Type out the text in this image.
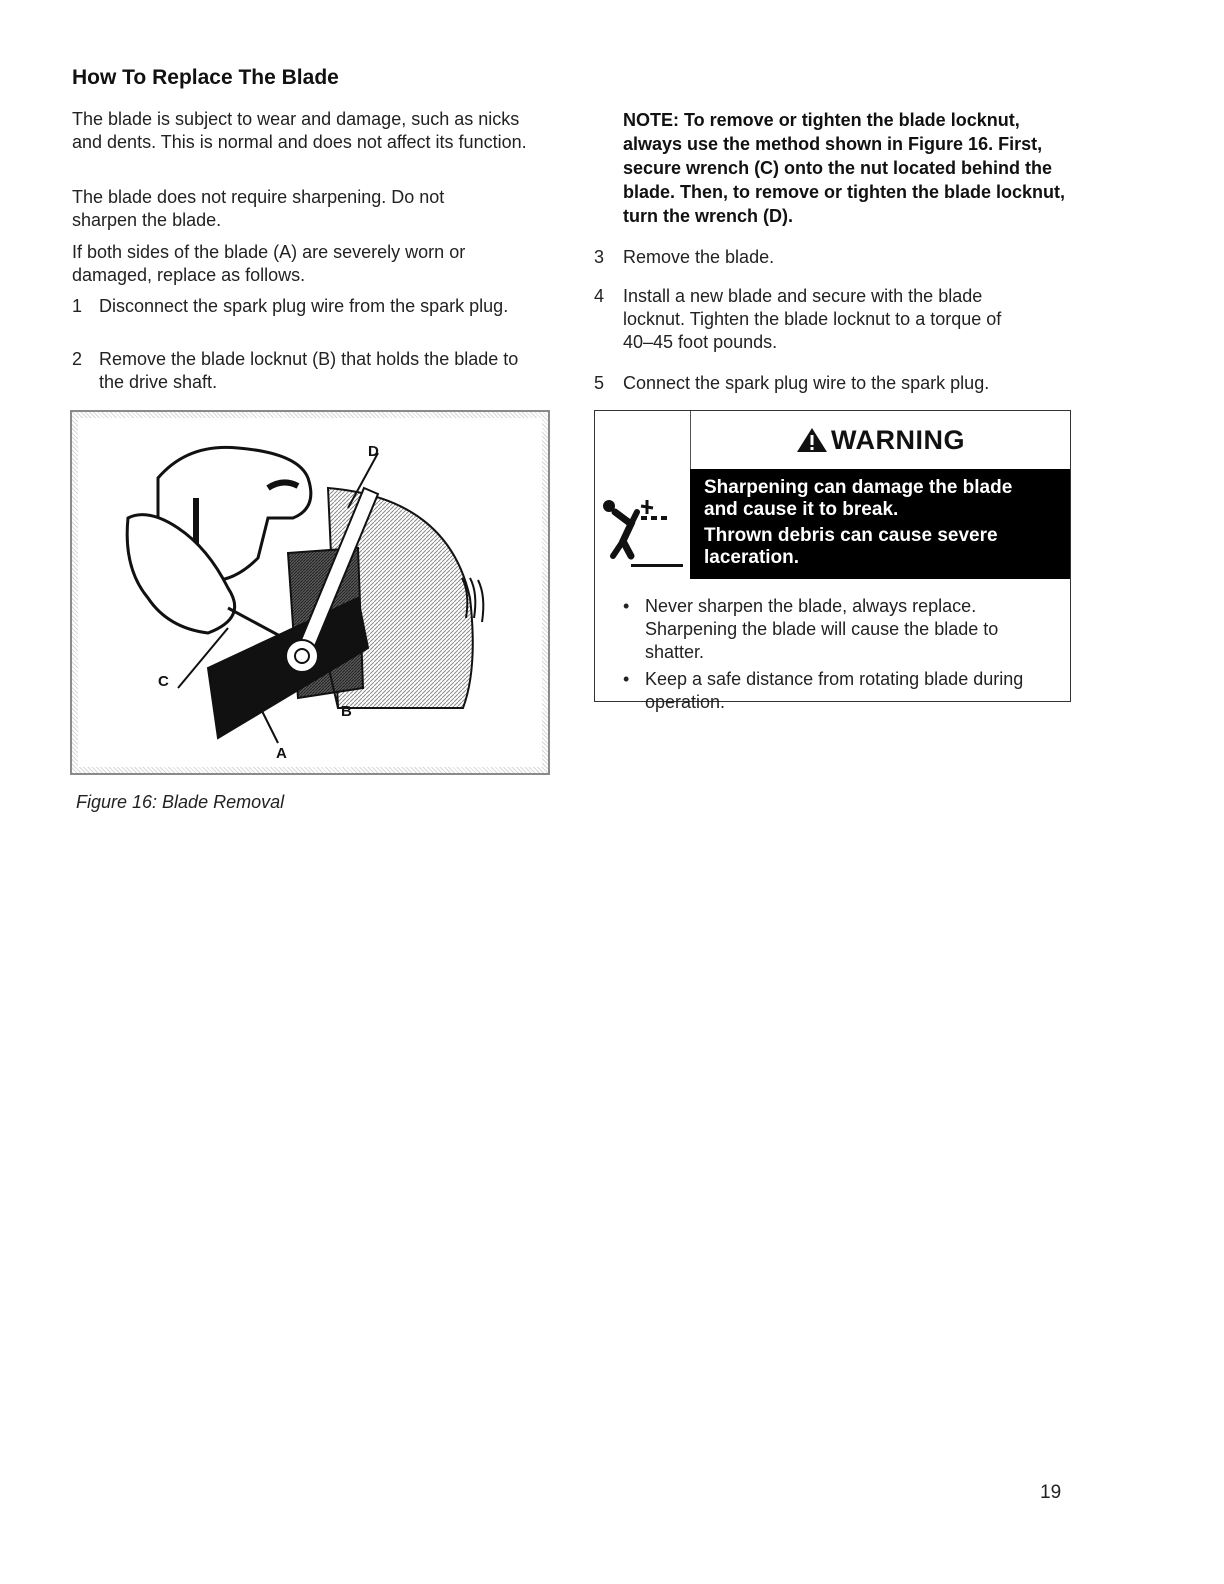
How To Replace The Blade
The blade is subject to wear and damage, such as nicks and dents. This is normal and does not affect its function.
The blade does not require sharpening. Do not sharpen the blade.
If both sides of the blade (A) are severely worn or damaged, replace as follows.
1 Disconnect the spark plug wire from the spark plug.
2 Remove the blade locknut (B) that holds the blade to the drive shaft.
NOTE: To remove or tighten the blade locknut, always use the method shown in Figure 16. First, secure wrench (C) onto the nut located behind the blade. Then, to remove or tighten the blade locknut, turn the wrench (D).
3 Remove the blade.
4 Install a new blade and secure with the blade locknut. Tighten the blade locknut to a torque of 40–45 foot pounds.
5 Connect the spark plug wire to the spark plug.
D
C
B
A
Figure 16: Blade Removal
WARNING
Sharpening can damage the blade and cause it to break.
Thrown debris can cause severe laceration.
• Never sharpen the blade, always replace. Sharpening the blade will cause the blade to shatter.
• Keep a safe distance from rotating blade during operation.
19
